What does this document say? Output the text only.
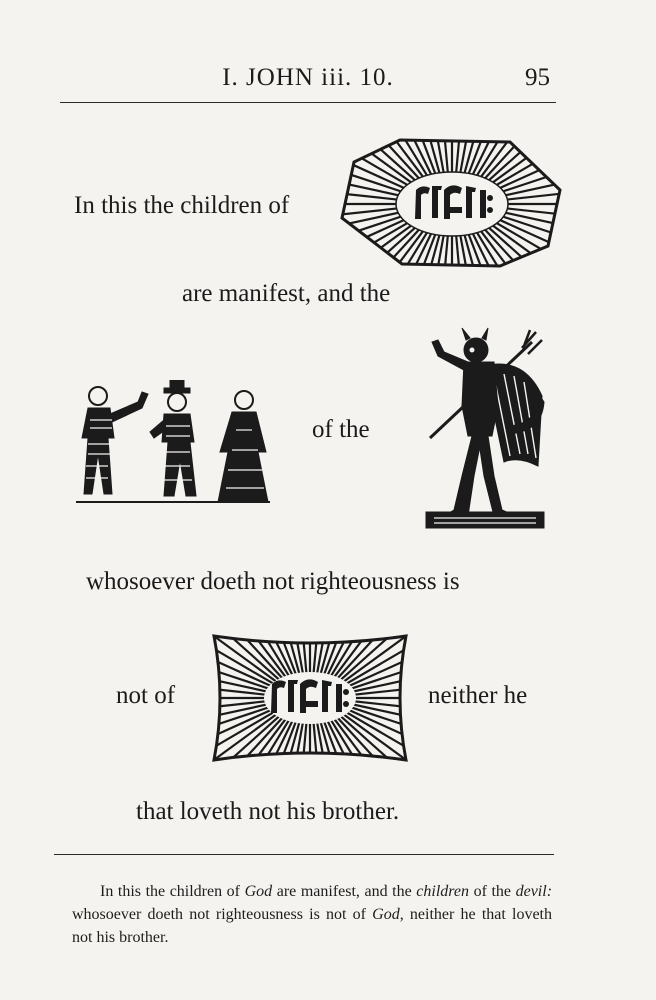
I. JOHN iii. 10.	95
In this the children of
are manifest, and the
of the
whosoever doeth not righteousness is
not of	neither he
that loveth not his brother.

In this the children of God are manifest, and the children of the devil: whosoever doeth not righteousness is not of God, neither he that loveth not his brother.
